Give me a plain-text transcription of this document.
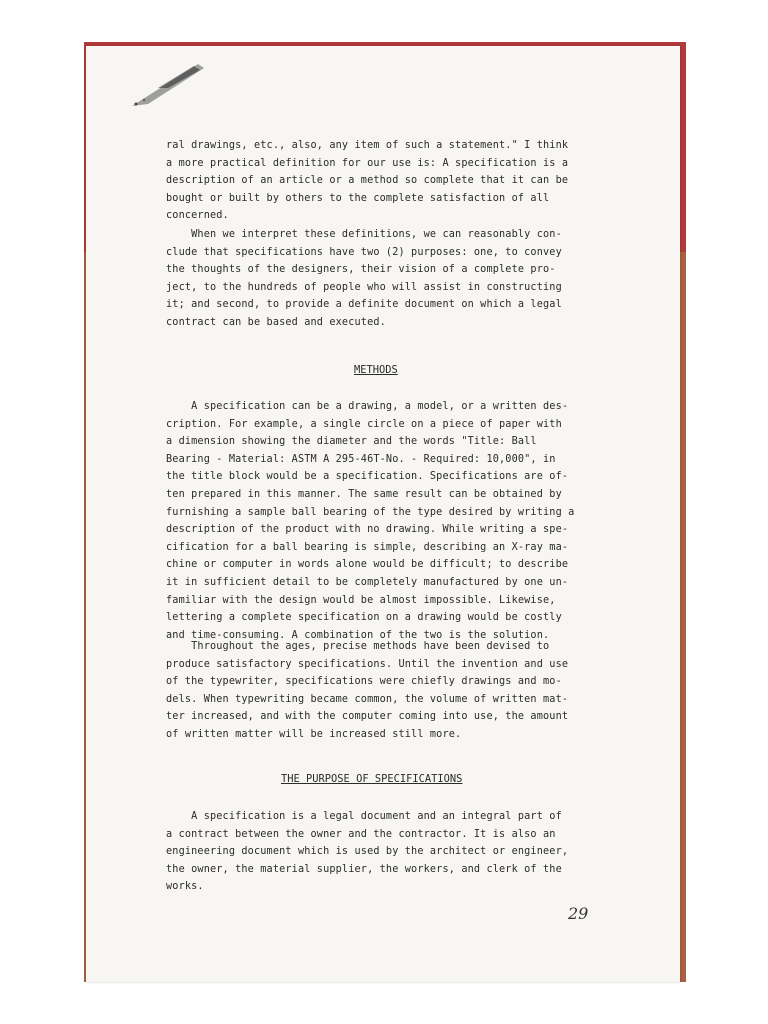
ral drawings, etc., also, any item of such a statement." I think
a more practical definition for our use is: A specification is a
description of an article or a method so complete that it can be
bought or built by others to the complete satisfaction of all
concerned.
When we interpret these definitions, we can reasonably con-
clude that specifications have two (2) purposes: one, to convey
the thoughts of the designers, their vision of a complete pro-
ject, to the hundreds of people who will assist in constructing
it; and second, to provide a definite document on which a legal
contract can be based and executed.
METHODS
A specification can be a drawing, a model, or a written des-
cription. For example, a single circle on a piece of paper with
a dimension showing the diameter and the words "Title: Ball
Bearing - Material: ASTM A 295-46T-No. - Required: 10,000", in
the title block would be a specification. Specifications are of-
ten prepared in this manner. The same result can be obtained by
furnishing a sample ball bearing of the type desired by writing a
description of the product with no drawing. While writing a spe-
cification for a ball bearing is simple, describing an X-ray ma-
chine or computer in words alone would be difficult; to describe
it in sufficient detail to be completely manufactured by one un-
familiar with the design would be almost impossible. Likewise,
lettering a complete specification on a drawing would be costly
and time-consuming. A combination of the two is the solution.
Throughout the ages, precise methods have been devised to
produce satisfactory specifications. Until the invention and use
of the typewriter, specifications were chiefly drawings and mo-
dels. When typewriting became common, the volume of written mat-
ter increased, and with the computer coming into use, the amount
of written matter will be increased still more.
THE PURPOSE OF SPECIFICATIONS
A specification is a legal document and an integral part of
a contract between the owner and the contractor. It is also an
engineering document which is used by the architect or engineer,
the owner, the material supplier, the workers, and clerk of the
works.
29
